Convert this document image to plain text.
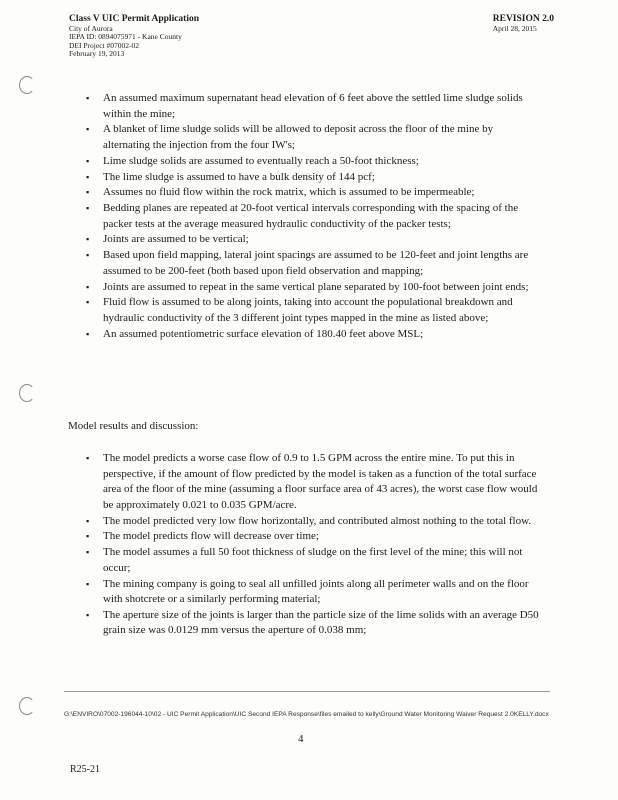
Class V UIC Permit Application
City of Aurora
IEPA ID: 0894075971 - Kane County
DEI Project #07002-02
February 19, 2013
REVISION 2.0
April 28, 2015
▪ An assumed maximum supernatant head elevation of 6 feet above the settled lime sludge solids within the mine;
▪ A blanket of lime sludge solids will be allowed to deposit across the floor of the mine by alternating the injection from the four IW's;
▪ Lime sludge solids are assumed to eventually reach a 50-foot thickness;
▪ The lime sludge is assumed to have a bulk density of 144 pcf;
▪ Assumes no fluid flow within the rock matrix, which is assumed to be impermeable;
▪ Bedding planes are repeated at 20-foot vertical intervals corresponding with the spacing of the packer tests at the average measured hydraulic conductivity of the packer tests;
▪ Joints are assumed to be vertical;
▪ Based upon field mapping, lateral joint spacings are assumed to be 120-feet and joint lengths are assumed to be 200-feet (both based upon field observation and mapping;
▪ Joints are assumed to repeat in the same vertical plane separated by 100-foot between joint ends;
▪ Fluid flow is assumed to be along joints, taking into account the populational breakdown and hydraulic conductivity of the 3 different joint types mapped in the mine as listed above;
▪ An assumed potentiometric surface elevation of 180.40 feet above MSL;
Model results and discussion:
▪ The model predicts a worse case flow of 0.9 to 1.5 GPM across the entire mine. To put this in perspective, if the amount of flow predicted by the model is taken as a function of the total surface area of the floor of the mine (assuming a floor surface area of 43 acres), the worst case flow would be approximately 0.021 to 0.035 GPM/acre.
▪ The model predicted very low flow horizontally, and contributed almost nothing to the total flow.
▪ The model predicts flow will decrease over time;
▪ The model assumes a full 50 foot thickness of sludge on the first level of the mine; this will not occur;
▪ The mining company is going to seal all unfilled joints along all perimeter walls and on the floor with shotcrete or a similarly performing material;
▪ The aperture size of the joints is larger than the particle size of the lime solids with an average D50 grain size was 0.0129 mm versus the aperture of 0.038 mm;
G:\ENVIRO\07002-196044-10\02 - UIC Permit Application\UIC Second IEPA Response\files emailed to kelly\Ground Water Monitoring Waiver Request 2.0KELLY.docx
4
R25-21
